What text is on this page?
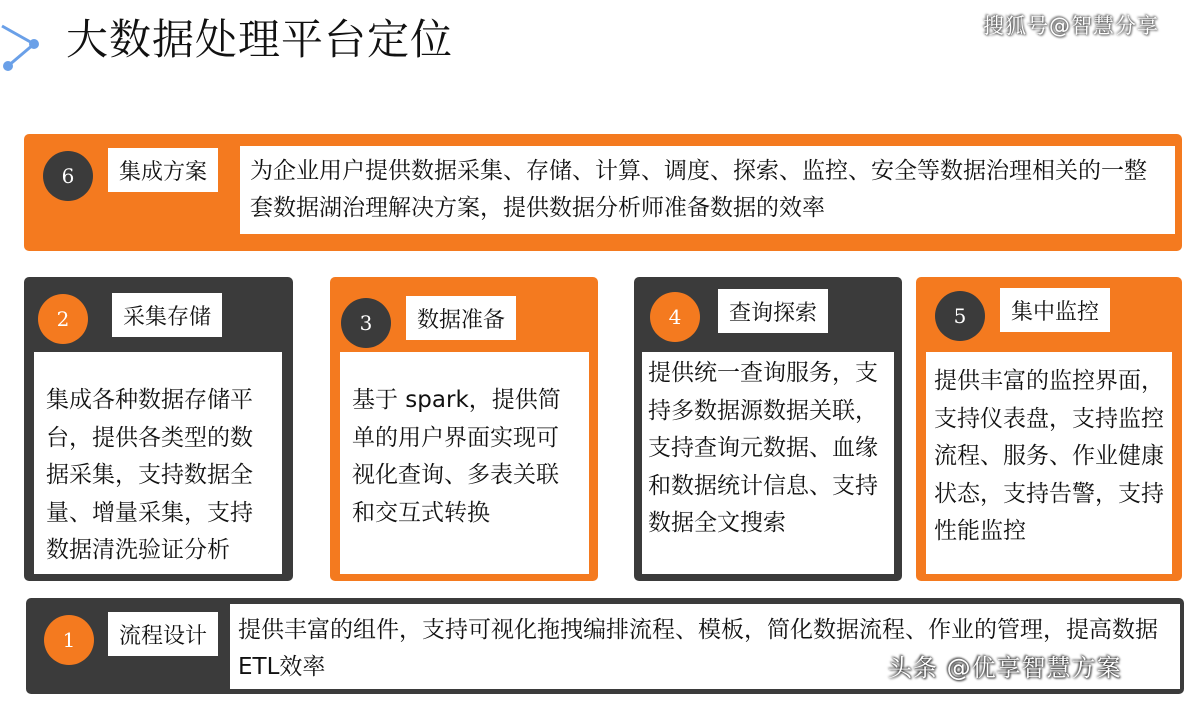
大数据处理平台定位	搜狐号@智慧分享
6	集成方案	为企业用户提供数据采集、存储、计算、调度、探索、监控、安全等数据治理相关的一整套数据湖治理解决方案，提供数据分析师准备数据的效率
2	采集存储
集成各种数据存储平台，提供各类型的数据采集，支持数据全量、增量采集，支持数据清洗验证分析
3	数据准备
基于 spark，提供简单的用户界面实现可视化查询、多表关联和交互式转换
4	查询探索
提供统一查询服务，支持多数据源数据关联，支持查询元数据、血缘和数据统计信息、支持数据全文搜索
5	集中监控
提供丰富的监控界面，支持仪表盘，支持监控流程、服务、作业健康状态，支持告警，支持性能监控
1	流程设计	提供丰富的组件，支持可视化拖拽编排流程、模板，简化数据流程、作业的管理，提高数据ETL效率	头条 @优享智慧方案
